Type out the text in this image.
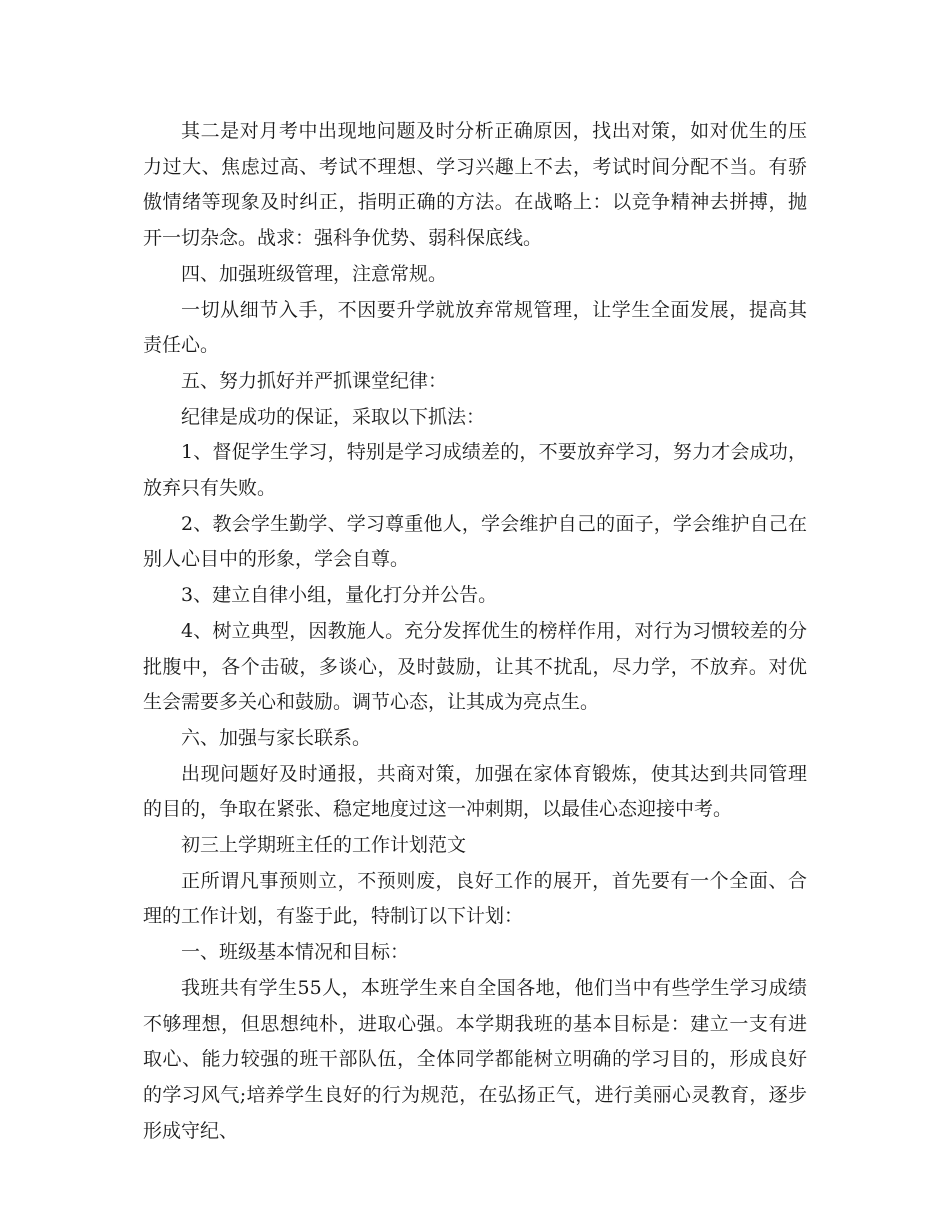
其二是对月考中出现地问题及时分析正确原因，找出对策，如对优生的压力过大、焦虑过高、考试不理想、学习兴趣上不去，考试时间分配不当。有骄傲情绪等现象及时纠正，指明正确的方法。在战略上：以竞争精神去拼搏，抛开一切杂念。战求：强科争优势、弱科保底线。

四、加强班级管理，注意常规。

一切从细节入手，不因要升学就放弃常规管理，让学生全面发展，提高其责任心。

五、努力抓好并严抓课堂纪律：

纪律是成功的保证，采取以下抓法：

1、督促学生学习，特别是学习成绩差的，不要放弃学习，努力才会成功，放弃只有失败。

2、教会学生勤学、学习尊重他人，学会维护自己的面子，学会维护自己在别人心目中的形象，学会自尊。

3、建立自律小组，量化打分并公告。

4、树立典型，因教施人。充分发挥优生的榜样作用，对行为习惯较差的分批腹中，各个击破，多谈心，及时鼓励，让其不扰乱，尽力学，不放弃。对优生会需要多关心和鼓励。调节心态，让其成为亮点生。

六、加强与家长联系。

出现问题好及时通报，共商对策，加强在家体育锻炼，使其达到共同管理的目的，争取在紧张、稳定地度过这一冲刺期，以最佳心态迎接中考。

初三上学期班主任的工作计划范文

正所谓凡事预则立，不预则废，良好工作的展开，首先要有一个全面、合理的工作计划，有鉴于此，特制订以下计划：

一、班级基本情况和目标：

我班共有学生55人，本班学生来自全国各地，他们当中有些学生学习成绩不够理想，但思想纯朴，进取心强。本学期我班的基本目标是：建立一支有进取心、能力较强的班干部队伍，全体同学都能树立明确的学习目的，形成良好的学习风气;培养学生良好的行为规范，在弘扬正气，进行美丽心灵教育，逐步形成守纪、
